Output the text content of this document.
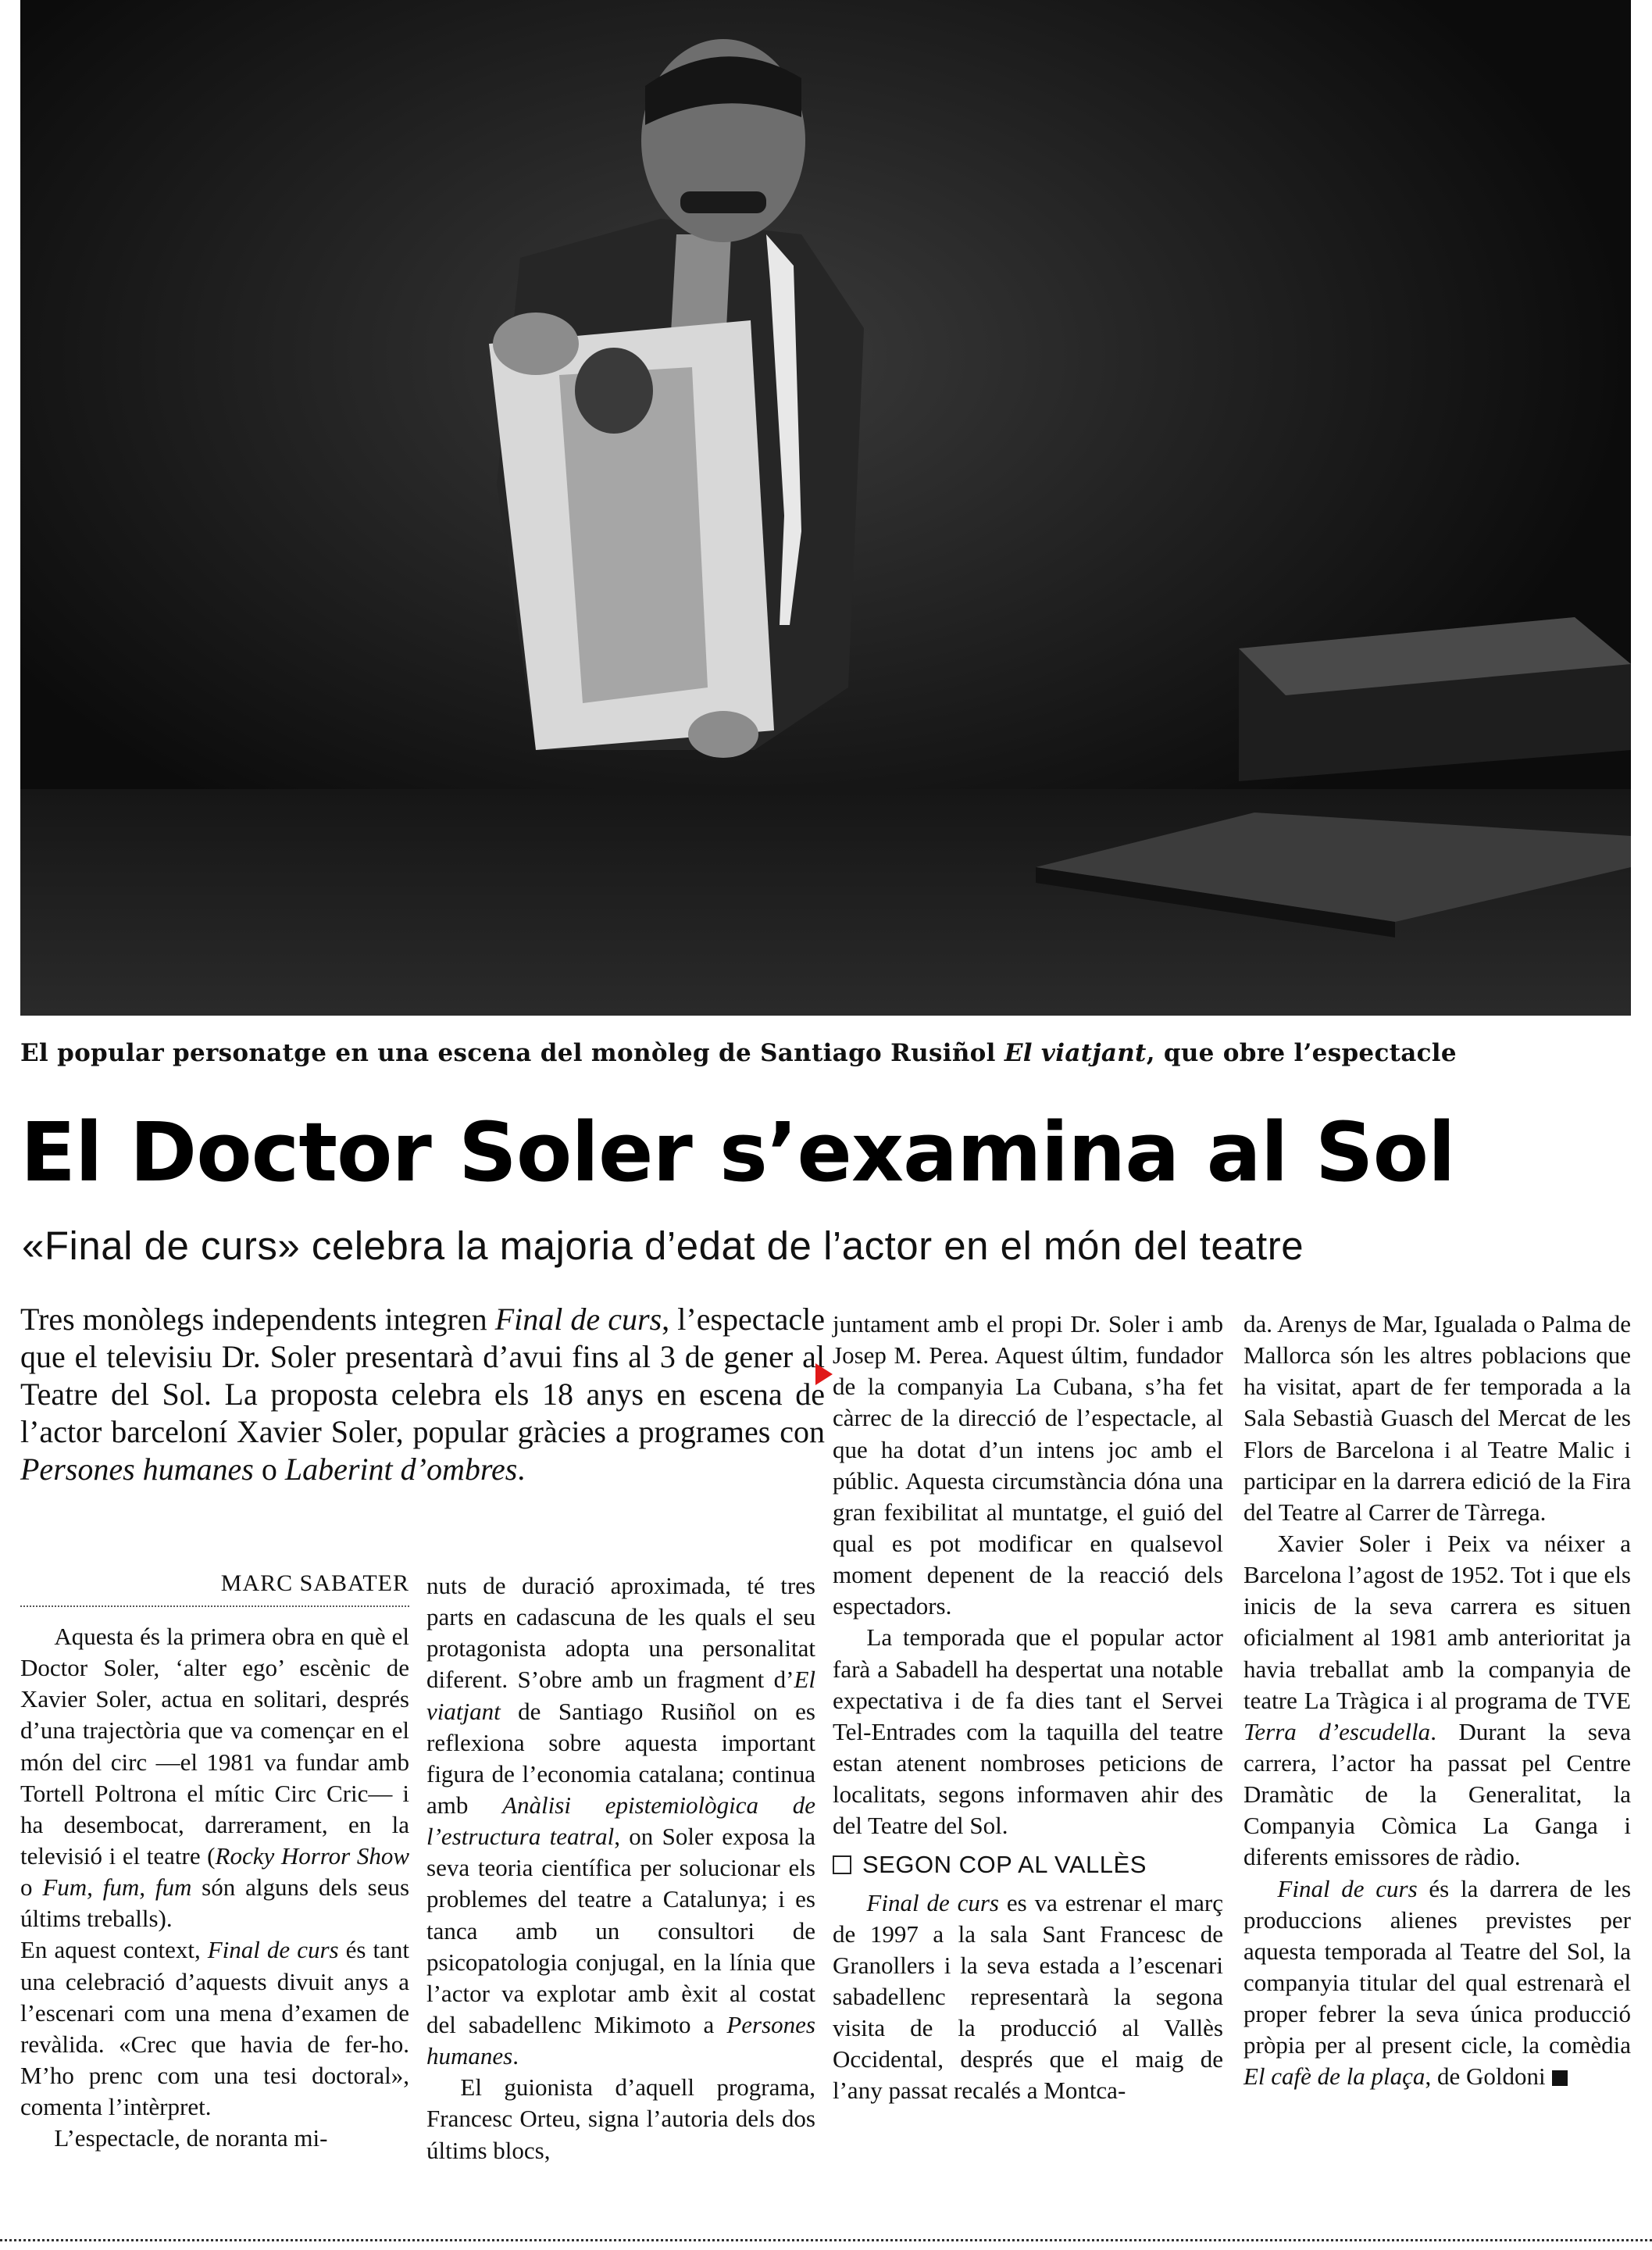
El popular personatge en una escena del monòleg de Santiago Rusiñol El viatjant, que obre l’espectacle
El Doctor Soler s’examina al Sol
«Final de curs» celebra la majoria d’edat de l’actor en el món del teatre
Tres monòlegs independents integren Final de curs, l’espectacle que el televisiu Dr. Soler presentarà d’avui fins al 3 de gener al Teatre del Sol. La proposta celebra els 18 anys en escena de l’actor barceloní Xavier Soler, popular gràcies a programes con Persones humanes o Laberint d’ombres.
MARC SABATER

Aquesta és la primera obra en què el Doctor Soler, ‘alter ego’ escènic de Xavier Soler, actua en solitari, després d’una trajectòria que va començar en el món del circ —el 1981 va fundar amb Tortell Poltrona el mític Circ Cric— i ha desembocat, darrerament, en la televisió i el teatre (Rocky Horror Show o Fum, fum, fum són alguns dels seus últims treballs).

En aquest context, Final de curs és tant una celebració d’aquests divuit anys a l’escenari com una mena d’examen de revàlida. «Crec que havia de fer-ho. M’ho prenc com una tesi doctoral», comenta l’intèrpret.

L’espectacle, de noranta mi-

nuts de duració aproximada, té tres parts en cadascuna de les quals el seu protagonista adopta una personalitat diferent. S’obre amb un fragment d’El viatjant de Santiago Rusiñol on es reflexiona sobre aquesta important figura de l’economia catalana; continua amb Anàlisi epistemiològica de l’estructura teatral, on Soler exposa la seva teoria científica per solucionar els problemes del teatre a Catalunya; i es tanca amb un consultori de psicopatologia conjugal, en la línia que l’actor va explotar amb èxit al costat del sabadellenc Mikimoto a Persones humanes.

El guionista d’aquell programa, Francesc Orteu, signa l’autoria dels dos últims blocs,

juntament amb el propi Dr. Soler i amb Josep M. Perea. Aquest últim, fundador de la companyia La Cubana, s’ha fet càrrec de la direcció de l’espectacle, al que ha dotat d’un intens joc amb el públic. Aquesta circumstància dóna una gran fexibilitat al muntatge, el guió del qual es pot modificar en qualsevol moment depenent de la reacció dels espectadors.

La temporada que el popular actor farà a Sabadell ha despertat una notable expectativa i de fa dies tant el Servei Tel-Entrades com la taquilla del teatre estan atenent nombroses peticions de localitats, segons informaven ahir des del Teatre del Sol.

SEGON COP AL VALLÈS

Final de curs es va estrenar el març de 1997 a la sala Sant Francesc de Granollers i la seva estada a l’escenari sabadellenc representarà la segona visita de la producció al Vallès Occidental, després que el maig de l’any passat recalés a Montca-

da. Arenys de Mar, Igualada o Palma de Mallorca són les altres poblacions que ha visitat, apart de fer temporada a la Sala Sebastià Guasch del Mercat de les Flors de Barcelona i al Teatre Malic i participar en la darrera edició de la Fira del Teatre al Carrer de Tàrrega.

Xavier Soler i Peix va néixer a Barcelona l’agost de 1952. Tot i que els inicis de la seva carrera es situen oficialment al 1981 amb anterioritat ja havia treballat amb la companyia de teatre La Tràgica i al programa de TVE Terra d’escudella. Durant la seva carrera, l’actor ha passat pel Centre Dramàtic de la Generalitat, la Companyia Còmica La Ganga i diferents emissores de ràdio.

Final de curs és la darrera de les produccions alienes previstes per aquesta temporada al Teatre del Sol, la companyia titular del qual estrenarà el proper febrer la seva única producció pròpia per al present cicle, la comèdia El cafè de la plaça, de Goldoni
